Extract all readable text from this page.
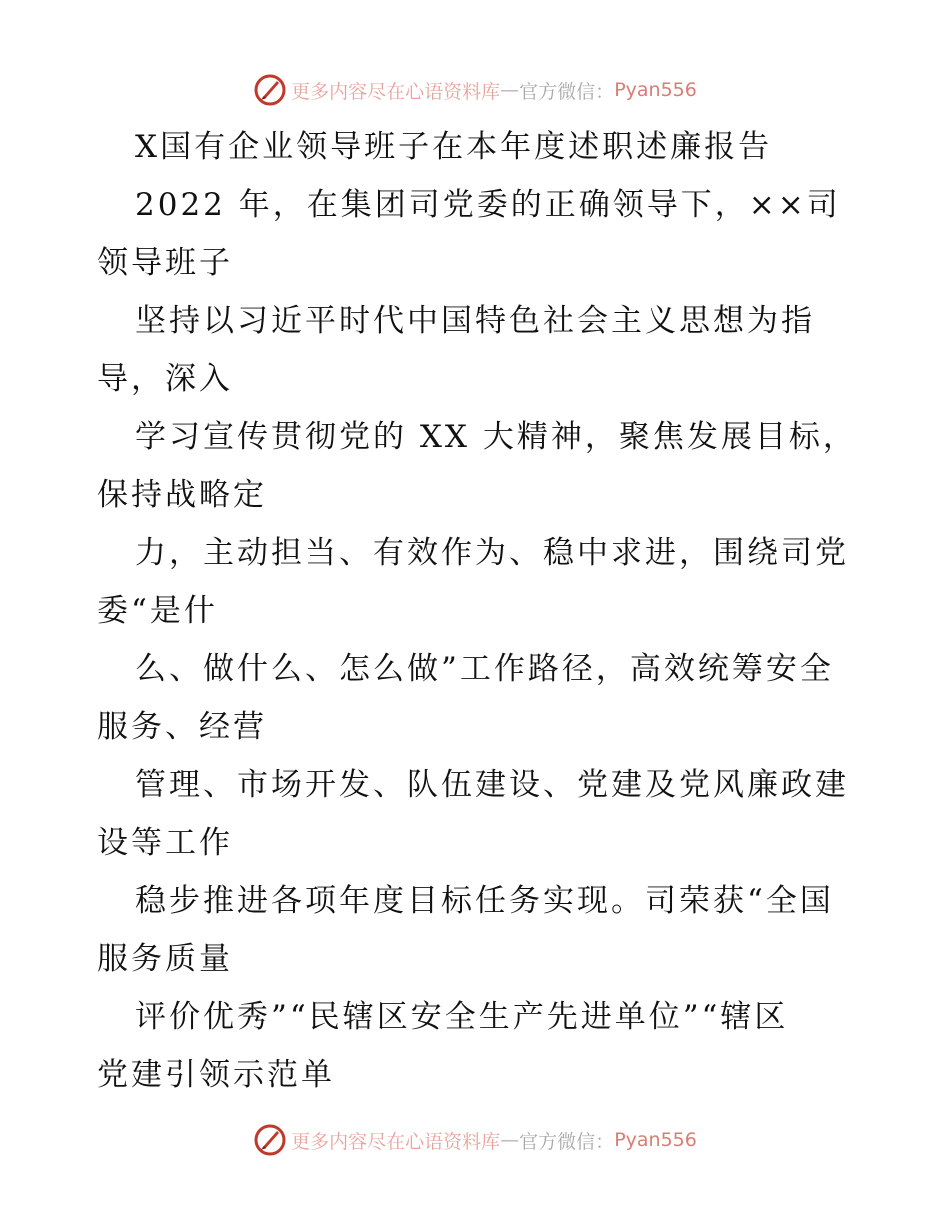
更多内容尽在心语资料库 — 官方微信： Pyan556

X国有企业领导班子在本年度述职述廉报告

2022 年，在集团司党委的正确领导下，××司

领导班子

坚持以习近平时代中国特色社会主义思想为指

导，深入

学习宣传贯彻党的 XX 大精神，聚焦发展目标，

保持战略定

力，主动担当、有效作为、稳中求进，围绕司党

委“是什

么、做什么、怎么做”工作路径，高效统筹安全

服务、经营

管理、市场开发、队伍建设、党建及党风廉政建

设等工作

稳步推进各项年度目标任务实现。司荣获“全国

服务质量

评价优秀”“民辖区安全生产先进单位”“辖区

党建引领示范单

更多内容尽在心语资料库 — 官方微信： Pyan556
